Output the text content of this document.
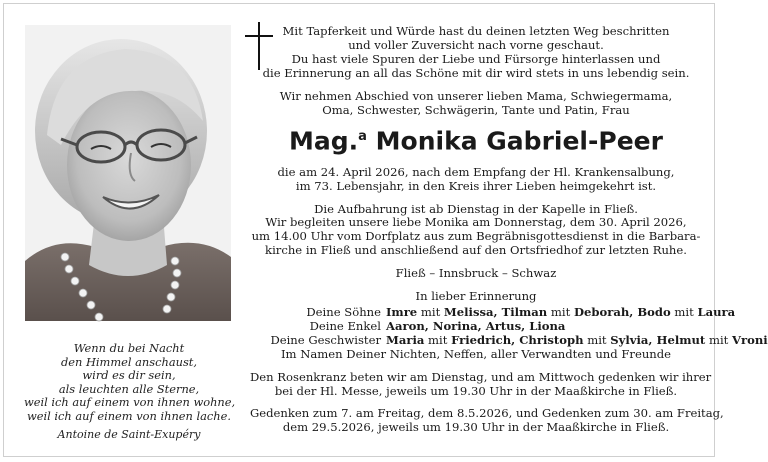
Wenn du bei Nacht
den Himmel anschaust,
wird es dir sein,
als leuchten alle Sterne,
weil ich auf einem von ihnen wohne,
weil ich auf einem von ihnen lache.
Antoine de Saint-Exupéry
Mit Tapferkeit und Würde hast du deinen letzten Weg beschritten
und voller Zuversicht nach vorne geschaut.
Du hast viele Spuren der Liebe und Fürsorge hinterlassen und
die Erinnerung an all das Schöne mit dir wird stets in uns lebendig sein.
Wir nehmen Abschied von unserer lieben Mama, Schwiegermama,
Oma, Schwester, Schwägerin, Tante und Patin, Frau
Mag.$^a$ Monika Gabriel-Peer
die am 24. April 2026, nach dem Empfang der Hl. Krankensalbung,
im 73. Lebensjahr, in den Kreis ihrer Lieben heimgekehrt ist.
Die Aufbahrung ist ab Dienstag in der Kapelle in Fließ.
Wir begleiten unsere liebe Monika am Donnerstag, dem 30. April 2026,
um 14.00 Uhr vom Dorfplatz aus zum Begräbnisgottesdienst in die Barbara-
kirche in Fließ und anschließend auf den Ortsfriedhof zur letzten Ruhe.
Fließ – Innsbruck – Schwaz
In lieber Erinnerung
Deine Söhne Imre mit Melissa, Tilman mit Deborah, Bodo mit Laura
Deine Enkel Aaron, Norina, Artus, Liona
Deine Geschwister Maria mit Friedrich, Christoph mit Sylvia, Helmut mit Vroni
Im Namen Deiner Nichten, Neffen, aller Verwandten und Freunde
Den Rosenkranz beten wir am Dienstag, und am Mittwoch gedenken wir ihrer
bei der Hl. Messe, jeweils um 19.30 Uhr in der Maaßkirche in Fließ.
Gedenken zum 7. am Freitag, dem 8.5.2026, und Gedenken zum 30. am Freitag,
dem 29.5.2026, jeweils um 19.30 Uhr in der Maaßkirche in Fließ.
